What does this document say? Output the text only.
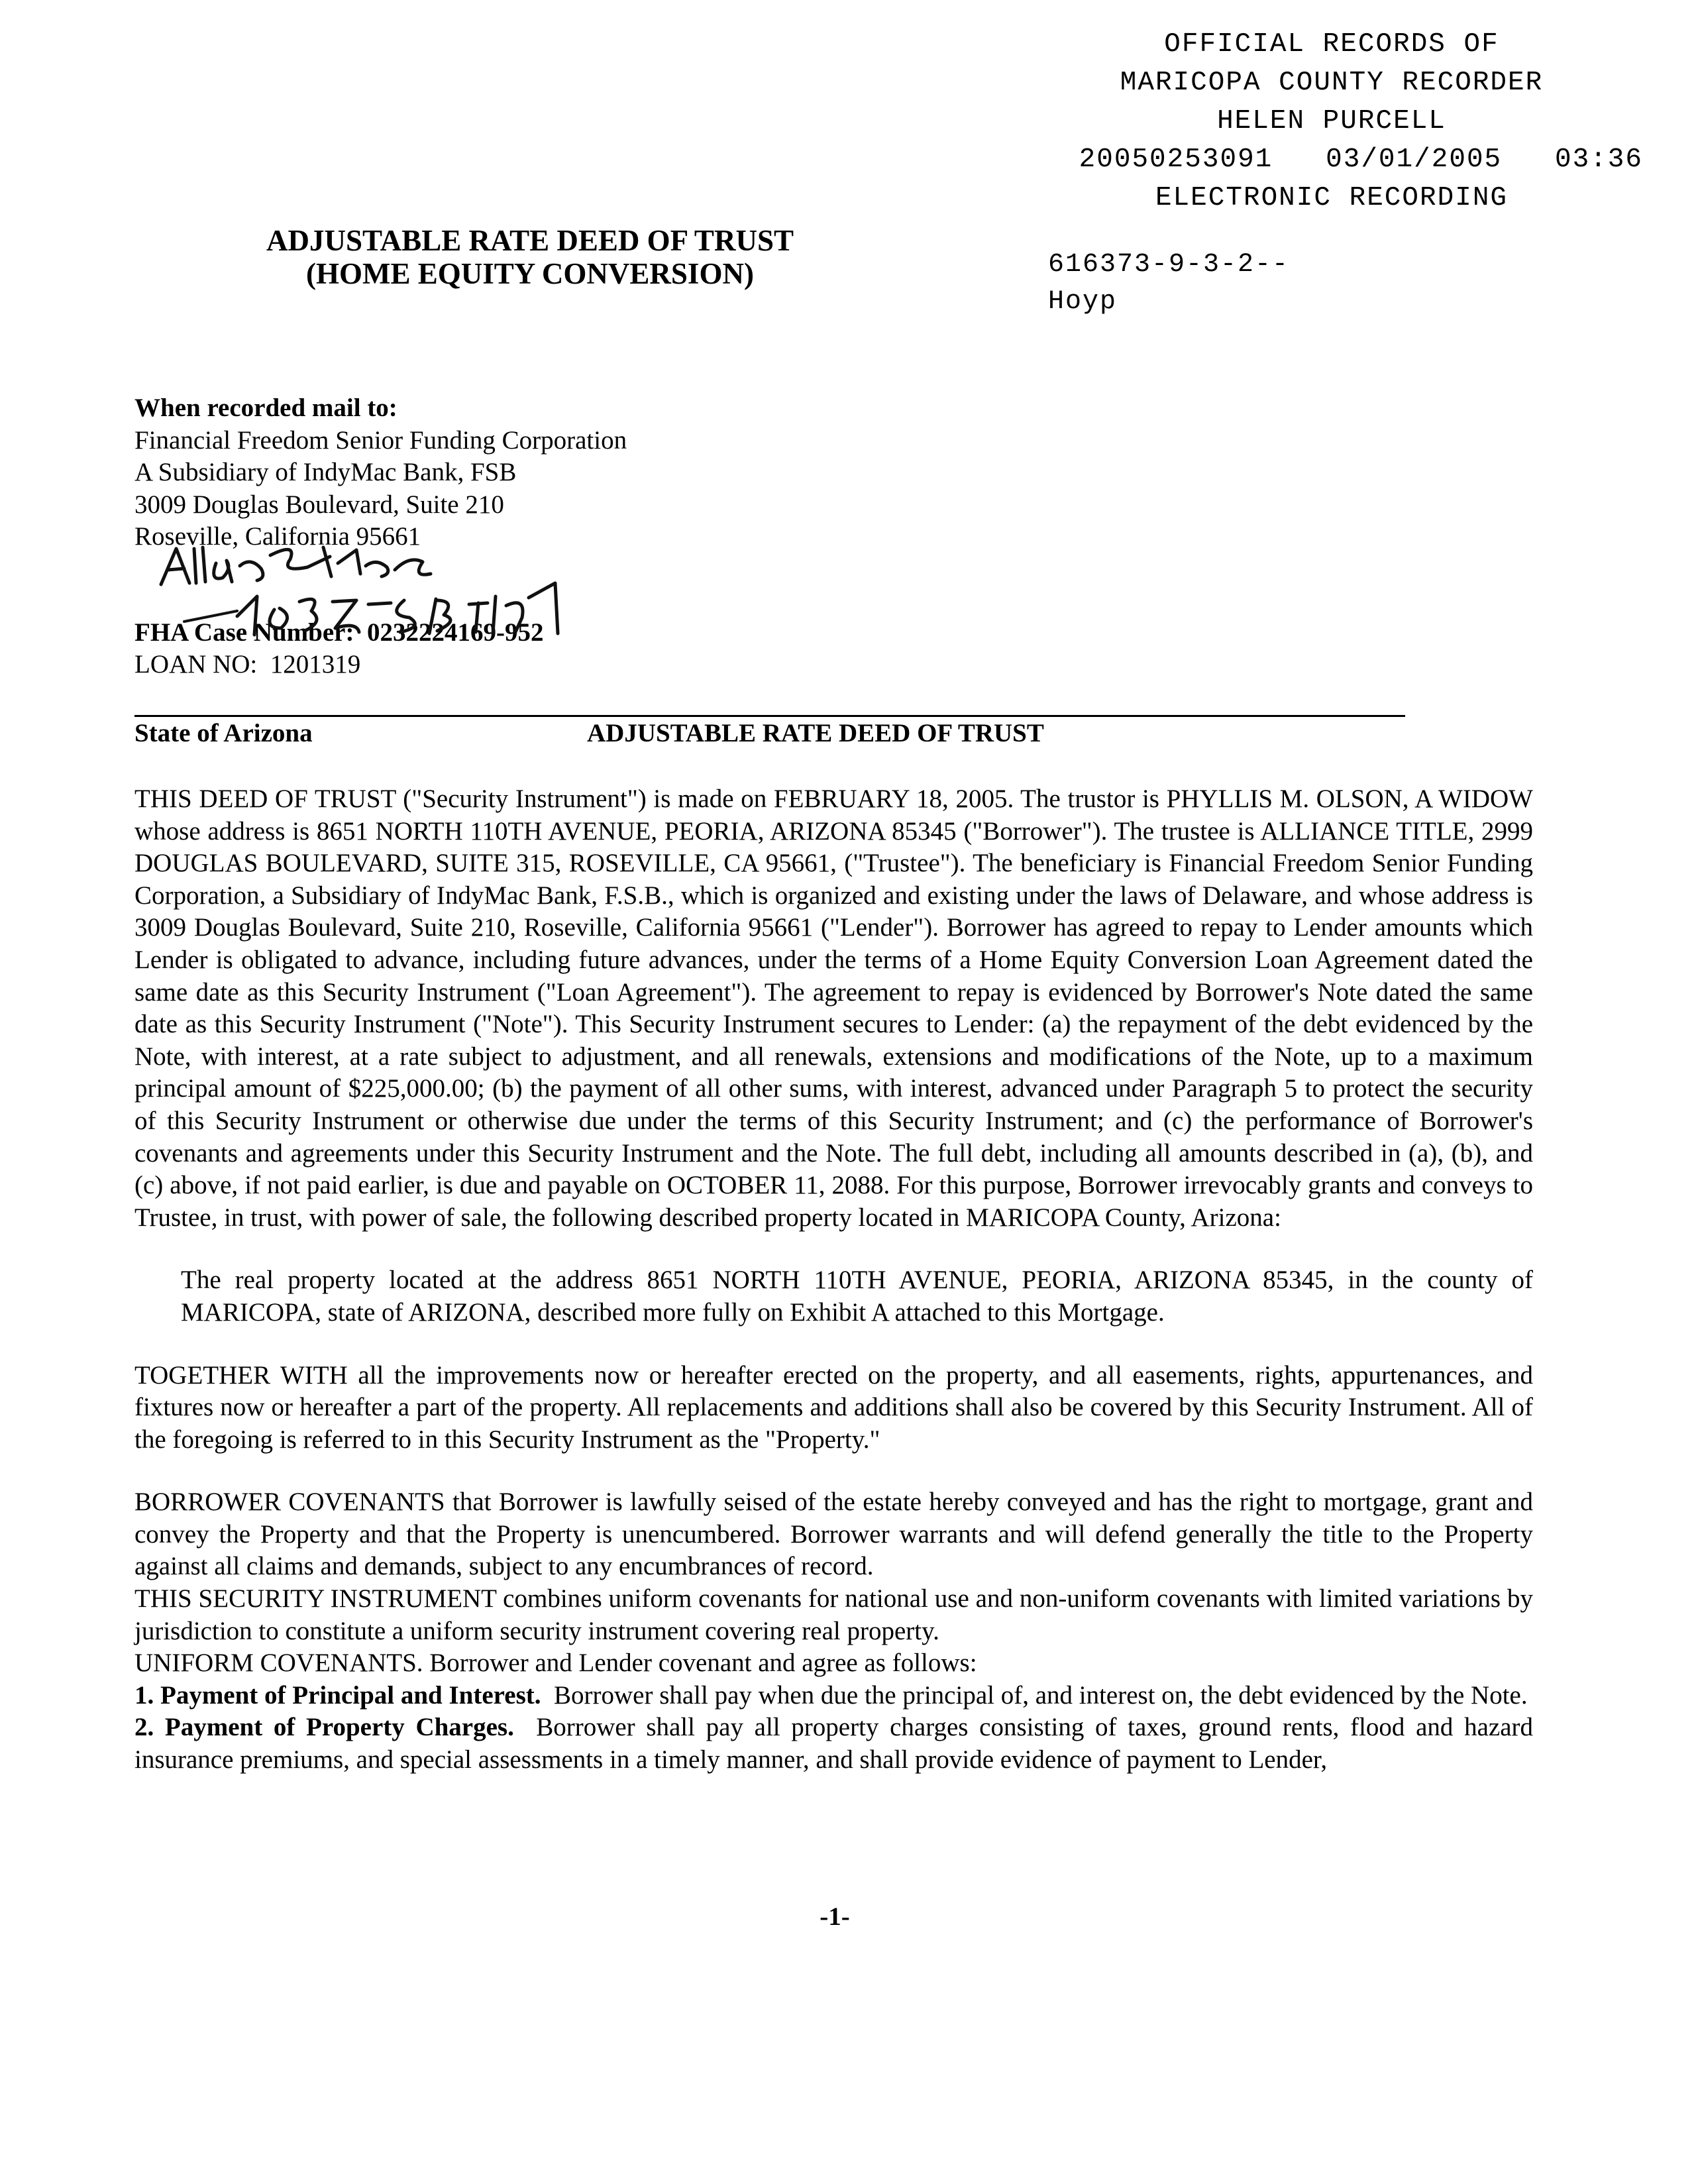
OFFICIAL RECORDS OF
MARICOPA COUNTY RECORDER
HELEN PURCELL
20050253091 03/01/2005 03:36
ELECTRONIC RECORDING
616373-9-3-2--
Hoyp
ADJUSTABLE RATE DEED OF TRUST
(HOME EQUITY CONVERSION)
When recorded mail to:
Financial Freedom Senior Funding Corporation
A Subsidiary of IndyMac Bank, FSB
3009 Douglas Boulevard, Suite 210
Roseville, California 95661
FHA Case Number: 0232224169-952
LOAN NO: 1201319
State of Arizona	ADJUSTABLE RATE DEED OF TRUST

THIS DEED OF TRUST ("Security Instrument") is made on FEBRUARY 18, 2005. The trustor is PHYLLIS M. OLSON, A WIDOW whose address is 8651 NORTH 110TH AVENUE, PEORIA, ARIZONA 85345 ("Borrower"). The trustee is ALLIANCE TITLE, 2999 DOUGLAS BOULEVARD, SUITE 315, ROSEVILLE, CA 95661, ("Trustee"). The beneficiary is Financial Freedom Senior Funding Corporation, a Subsidiary of IndyMac Bank, F.S.B., which is organized and existing under the laws of Delaware, and whose address is 3009 Douglas Boulevard, Suite 210, Roseville, California 95661 ("Lender"). Borrower has agreed to repay to Lender amounts which Lender is obligated to advance, including future advances, under the terms of a Home Equity Conversion Loan Agreement dated the same date as this Security Instrument ("Loan Agreement"). The agreement to repay is evidenced by Borrower's Note dated the same date as this Security Instrument ("Note"). This Security Instrument secures to Lender: (a) the repayment of the debt evidenced by the Note, with interest, at a rate subject to adjustment, and all renewals, extensions and modifications of the Note, up to a maximum principal amount of $225,000.00; (b) the payment of all other sums, with interest, advanced under Paragraph 5 to protect the security of this Security Instrument or otherwise due under the terms of this Security Instrument; and (c) the performance of Borrower's covenants and agreements under this Security Instrument and the Note. The full debt, including all amounts described in (a), (b), and (c) above, if not paid earlier, is due and payable on OCTOBER 11, 2088. For this purpose, Borrower irrevocably grants and conveys to Trustee, in trust, with power of sale, the following described property located in MARICOPA County, Arizona:

The real property located at the address 8651 NORTH 110TH AVENUE, PEORIA, ARIZONA 85345, in the county of MARICOPA, state of ARIZONA, described more fully on Exhibit A attached to this Mortgage.

TOGETHER WITH all the improvements now or hereafter erected on the property, and all easements, rights, appurtenances, and fixtures now or hereafter a part of the property. All replacements and additions shall also be covered by this Security Instrument. All of the foregoing is referred to in this Security Instrument as the "Property."

BORROWER COVENANTS that Borrower is lawfully seised of the estate hereby conveyed and has the right to mortgage, grant and convey the Property and that the Property is unencumbered. Borrower warrants and will defend generally the title to the Property against all claims and demands, subject to any encumbrances of record.

THIS SECURITY INSTRUMENT combines uniform covenants for national use and non-uniform covenants with limited variations by jurisdiction to constitute a uniform security instrument covering real property.

UNIFORM COVENANTS. Borrower and Lender covenant and agree as follows:

1. Payment of Principal and Interest. Borrower shall pay when due the principal of, and interest on, the debt evidenced by the Note.

2. Payment of Property Charges. Borrower shall pay all property charges consisting of taxes, ground rents, flood and hazard insurance premiums, and special assessments in a timely manner, and shall provide evidence of payment to Lender,

-1-
